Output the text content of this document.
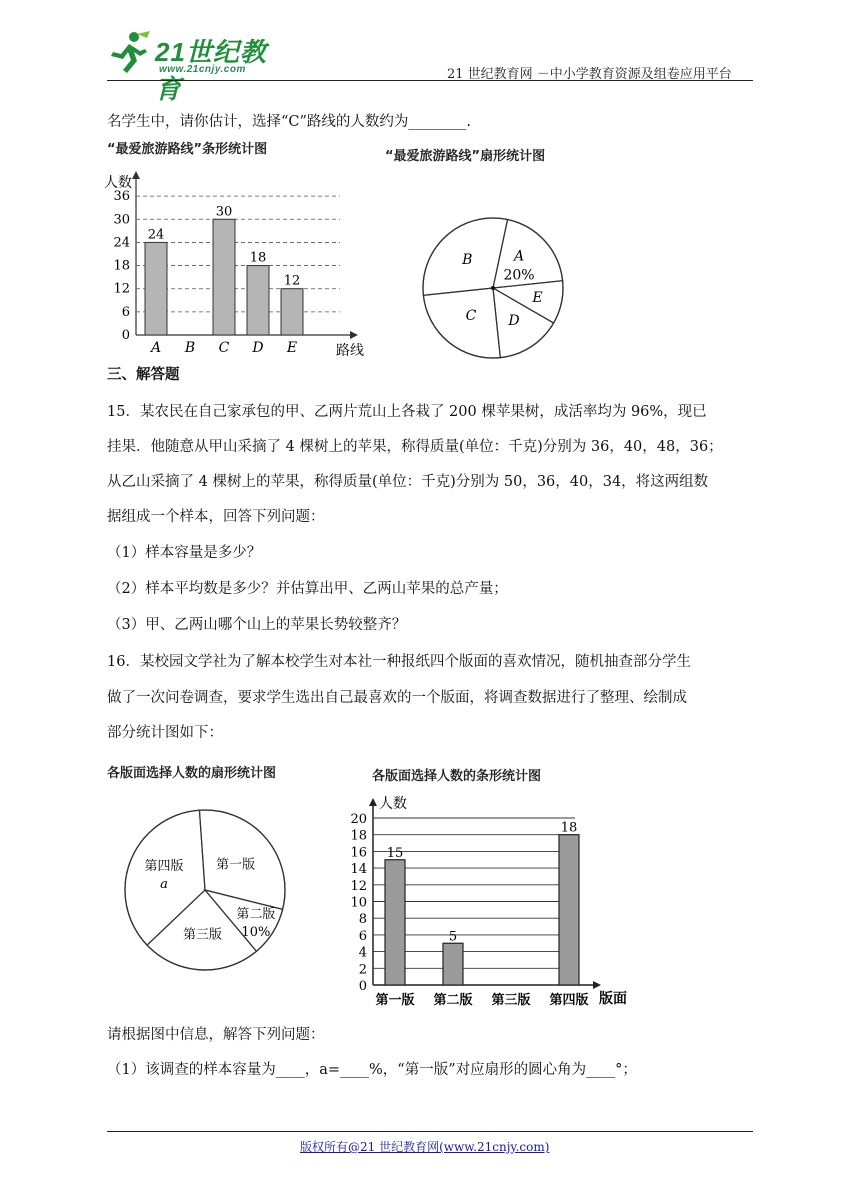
21世纪教育
www.21cnjy.com	21 世纪教育网 －中小学教育资源及组卷应用平台
名学生中，请你估计，选择“C”路线的人数约为________.
“最爱旅游路线”条形统计图
人数
路线
0
6
12
18
24
30
36
24
A B
30
C
18
D
12
E
“最爱旅游路线”扇形统计图
A
20%
E
D
C
B
三、解答题
15．某农民在自己家承包的甲、乙两片荒山上各栽了 200 棵苹果树，成活率均为 96%，现已
挂果．他随意从甲山采摘了 4 棵树上的苹果，称得质量(单位：千克)分别为 36，40，48，36；
从乙山采摘了 4 棵树上的苹果，称得质量(单位：千克)分别为 50，36，40，34，将这两组数
据组成一个样本，回答下列问题：
（1）样本容量是多少？
（2）样本平均数是多少？并估算出甲、乙两山苹果的总产量；
（3）甲、乙两山哪个山上的苹果长势较整齐？
16．某校园文学社为了解本校学生对本社一种报纸四个版面的喜欢情况，随机抽查部分学生
做了一次问卷调查，要求学生选出自己最喜欢的一个版面，将调查数据进行了整理、绘制成
部分统计图如下：
各版面选择人数的扇形统计图
第一版
第二版
10%
第三版
第四版
a
各版面选择人数的条形统计图
人数
版面
0
2
4
6
8
10
12
14
16
18
20
15
第一版
5
第二版 第三版
18
第四版
请根据图中信息，解答下列问题：
（1）该调查的样本容量为____，a=____%，“第一版”对应扇形的圆心角为____°；
版权所有@21 世纪教育网(www.21cnjy.com)
